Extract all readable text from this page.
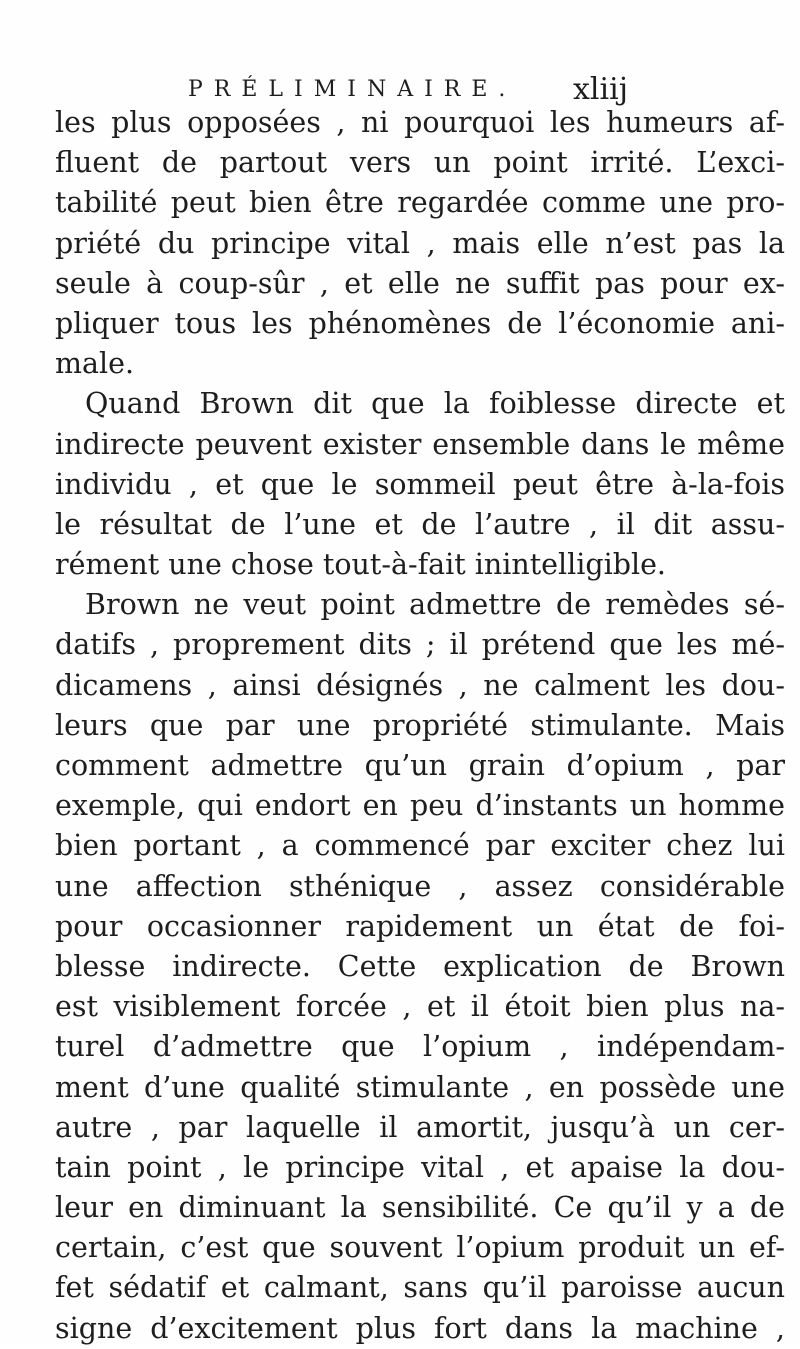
PRÉLIMINAIRE. xliij
les plus opposées , ni pourquoi les humeurs af-
fluent de partout vers un point irrité. L’exci-
tabilité peut bien être regardée comme une pro-
priété du principe vital , mais elle n’est pas la
seule à coup-sûr , et elle ne suffit pas pour ex-
pliquer tous les phénomènes de l’économie ani-
male.
Quand Brown dit que la foiblesse directe et
indirecte peuvent exister ensemble dans le même
individu , et que le sommeil peut être à-la-fois
le résultat de l’une et de l’autre , il dit assu-
rément une chose tout-à-fait inintelligible.
Brown ne veut point admettre de remèdes sé-
datifs , proprement dits ; il prétend que les mé-
dicamens , ainsi désignés , ne calment les dou-
leurs que par une propriété stimulante. Mais
comment admettre qu’un grain d’opium , par
exemple, qui endort en peu d’instants un homme
bien portant , a commencé par exciter chez lui
une affection sthénique , assez considérable
pour occasionner rapidement un état de foi-
blesse indirecte. Cette explication de Brown
est visiblement forcée , et il étoit bien plus na-
turel d’admettre que l’opium , indépendam-
ment d’une qualité stimulante , en possède une
autre , par laquelle il amortit, jusqu’à un cer-
tain point , le principe vital , et apaise la dou-
leur en diminuant la sensibilité. Ce qu’il y a de
certain, c’est que souvent l’opium produit un ef-
fet sédatif et calmant, sans qu’il paroisse aucun
signe d’excitement plus fort dans la machine ,
